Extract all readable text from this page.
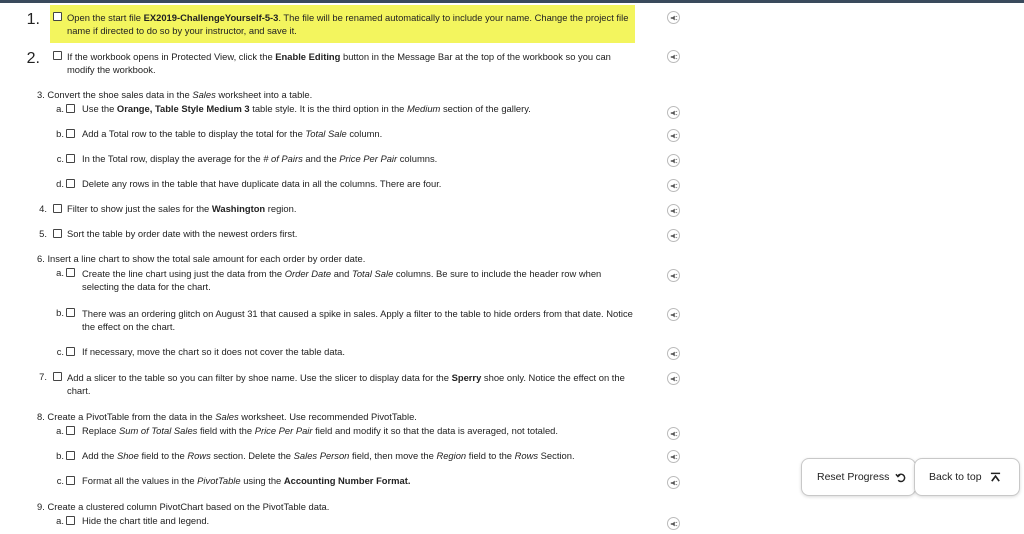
1.	Open the start file EX2019-ChallengeYourself-5-3. The file will be renamed automatically to include your name. Change the project file name if directed to do so by your instructor, and save it.
2.	If the workbook opens in Protected View, click the Enable Editing button in the Message Bar at the top of the workbook so you can modify the workbook.
3. Convert the shoe sales data in the Sales worksheet into a table.
a. Use the Orange, Table Style Medium 3 table style. It is the third option in the Medium section of the gallery.
b. Add a Total row to the table to display the total for the Total Sale column.
c. In the Total row, display the average for the # of Pairs and the Price Per Pair columns.
d. Delete any rows in the table that have duplicate data in all the columns. There are four.
4. Filter to show just the sales for the Washington region.
5. Sort the table by order date with the newest orders first.
6. Insert a line chart to show the total sale amount for each order by order date.
a. Create the line chart using just the data from the Order Date and Total Sale columns. Be sure to include the header row when selecting the data for the chart.
b. There was an ordering glitch on August 31 that caused a spike in sales. Apply a filter to the table to hide orders from that date. Notice the effect on the chart.
c. If necessary, move the chart so it does not cover the table data.
7. Add a slicer to the table so you can filter by shoe name. Use the slicer to display data for the Sperry shoe only. Notice the effect on the chart.
8. Create a PivotTable from the data in the Sales worksheet. Use recommended PivotTable.
a. Replace Sum of Total Sales field with the Price Per Pair field and modify it so that the data is averaged, not totaled.
b. Add the Shoe field to the Rows section. Delete the Sales Person field, then move the Region field to the Rows Section.
c. Format all the values in the PivotTable using the Accounting Number Format.
9. Create a clustered column PivotChart based on the PivotTable data.
a. Hide the chart title and legend.
Reset Progress	Back to top
